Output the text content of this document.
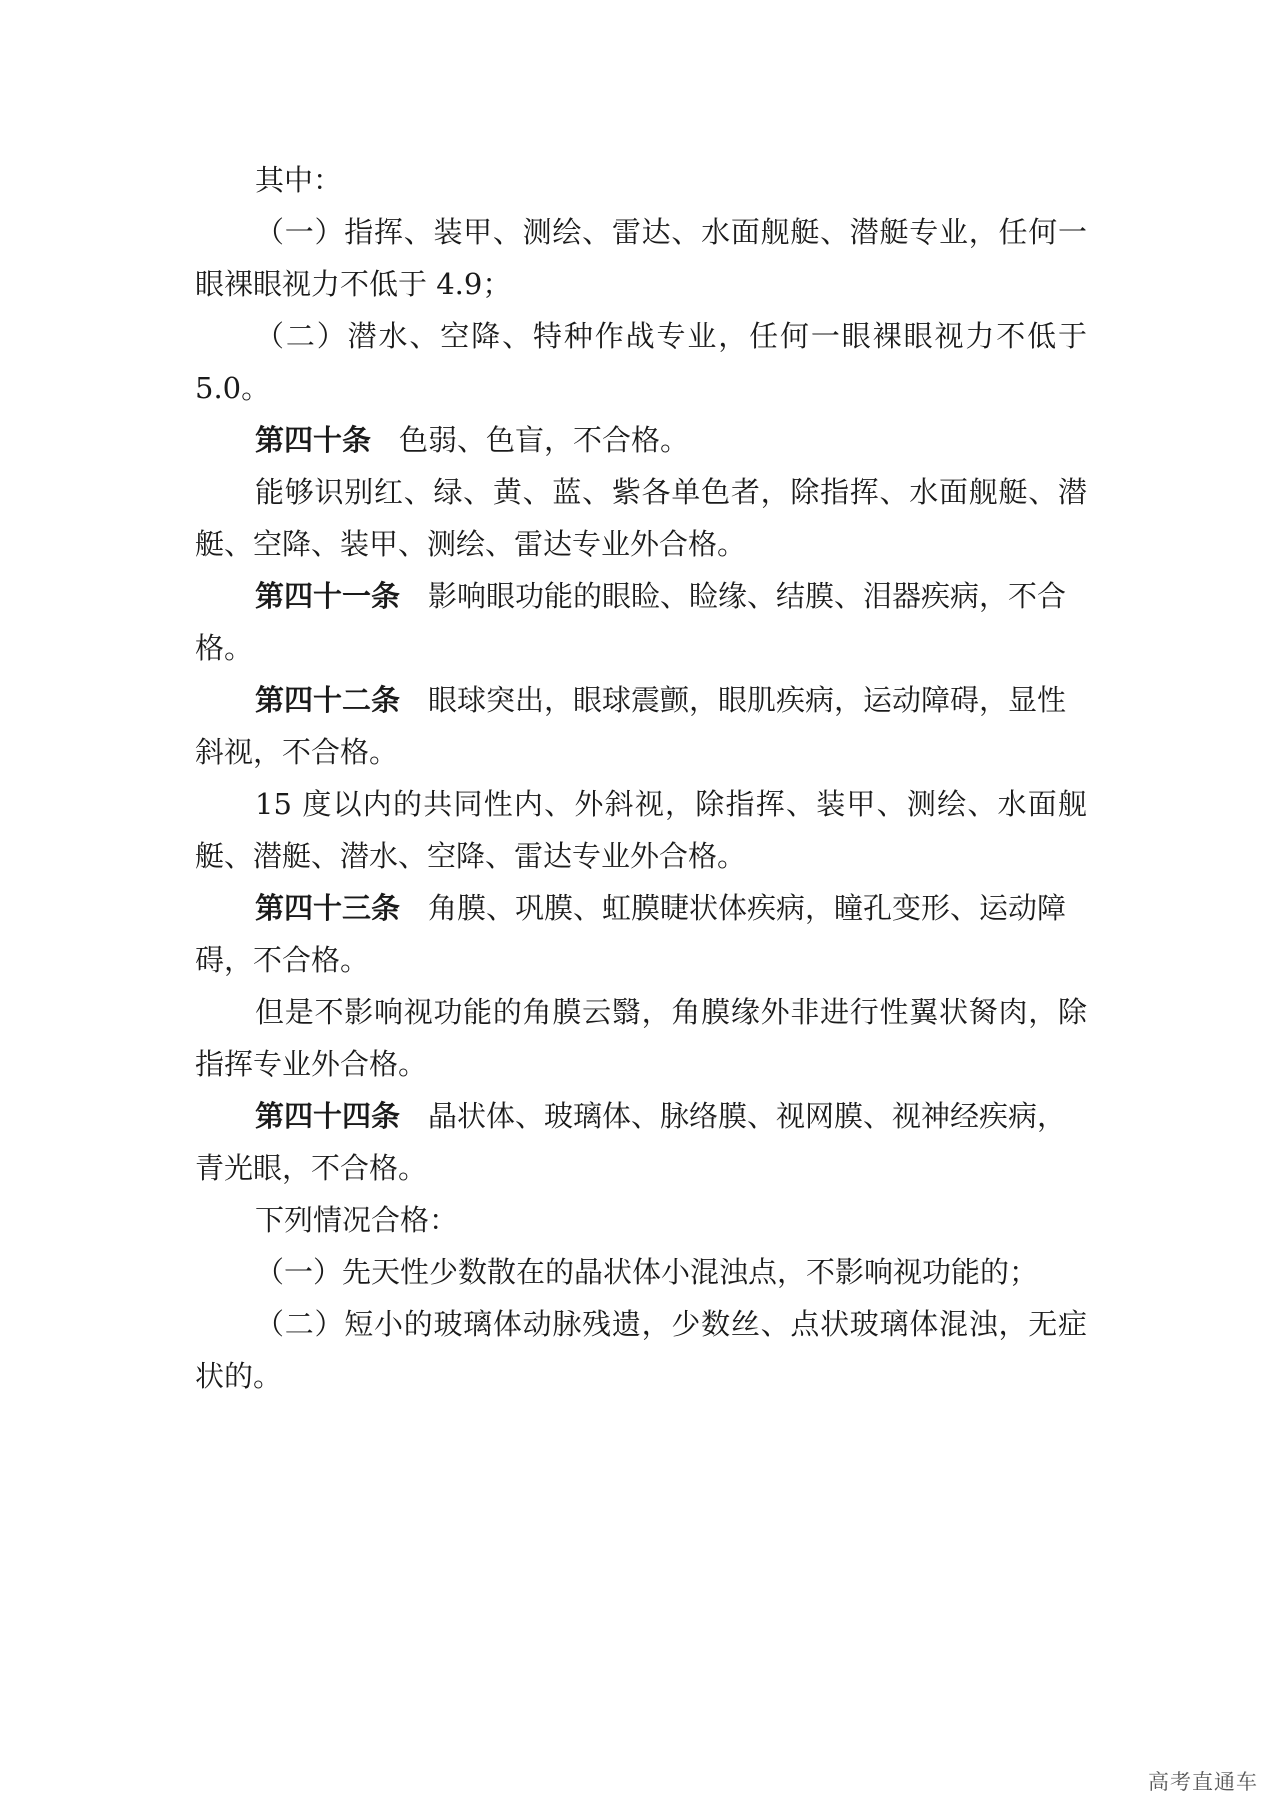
其中：
（一）指挥、装甲、测绘、雷达、水面舰艇、潜艇专业，任何一
眼裸眼视力不低于 4.9；
（二）潜水、空降、特种作战专业，任何一眼裸眼视力不低于
5.0。
第四十条 色弱、色盲，不合格。
能够识别红、绿、黄、蓝、紫各单色者，除指挥、水面舰艇、潜
艇、空降、装甲、测绘、雷达专业外合格。
第四十一条 影响眼功能的眼睑、睑缘、结膜、泪器疾病，不合
格。
第四十二条 眼球突出，眼球震颤，眼肌疾病，运动障碍，显性
斜视，不合格。
15 度以内的共同性内、外斜视，除指挥、装甲、测绘、水面舰
艇、潜艇、潜水、空降、雷达专业外合格。
第四十三条 角膜、巩膜、虹膜睫状体疾病，瞳孔变形、运动障
碍，不合格。
但是不影响视功能的角膜云翳，角膜缘外非进行性翼状胬肉，除
指挥专业外合格。
第四十四条 晶状体、玻璃体、脉络膜、视网膜、视神经疾病，
青光眼，不合格。
下列情况合格：
（一）先天性少数散在的晶状体小混浊点，不影响视功能的；
（二）短小的玻璃体动脉残遗，少数丝、点状玻璃体混浊，无症
状的。
高考直通车
